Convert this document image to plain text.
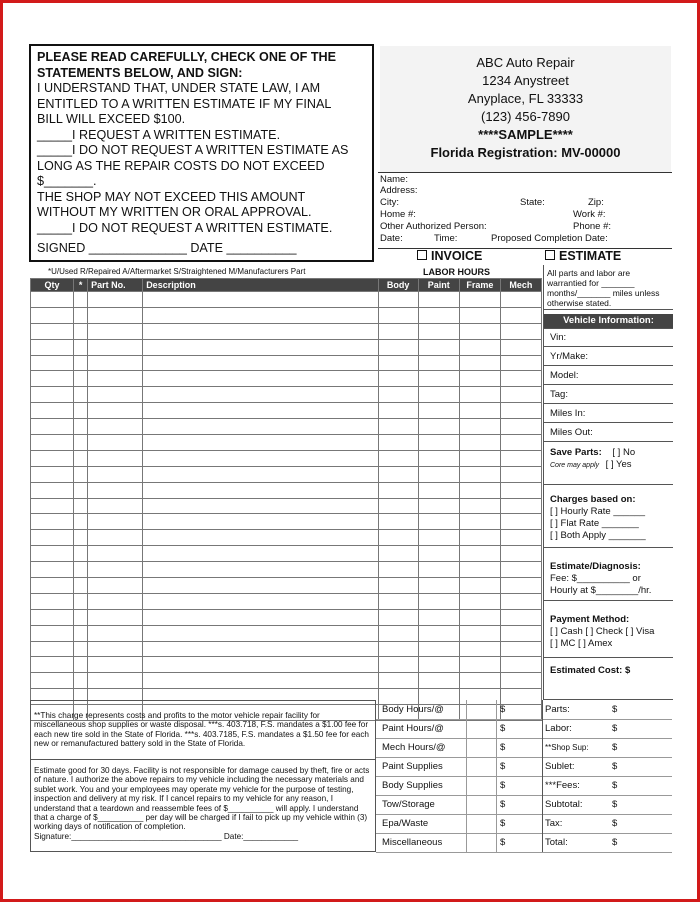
PLEASE READ CAREFULLY, CHECK ONE OF THE
STATEMENTS BELOW, AND SIGN:
I UNDERSTAND THAT, UNDER STATE LAW, I AM
ENTITLED TO A WRITTEN ESTIMATE IF MY FINAL
BILL WILL EXCEED $100.
_____I REQUEST A WRITTEN ESTIMATE.
_____I DO NOT REQUEST A WRITTEN ESTIMATE AS
LONG AS THE REPAIR COSTS DO NOT EXCEED
$_______.
THE SHOP MAY NOT EXCEED THIS AMOUNT
WITHOUT MY WRITTEN OR ORAL APPROVAL.
_____I DO NOT REQUEST A WRITTEN ESTIMATE.
SIGNED ______________ DATE __________
ABC Auto Repair
1234 Anystreet
Anyplace, FL 33333
(123) 456-7890
****SAMPLE****
Florida Registration: MV-00000
Name:
Address:
City:	State:	Zip:
Home #:	Work #:
Other Authorized Person:	Phone #:
Date:	Time:	Proposed Completion Date:
INVOICE	ESTIMATE
*U/Used R/Repaired A/Aftermarket S/Straightened M/Manufacturers Part	LABOR HOURS
Qty	*	Part No.	Description	Body	Paint	Frame	Mech

All parts and labor are
warrantied for _______
months/_______ miles unless
otherwise stated.
Vehicle Information:
Vin:
Yr/Make:
Model:
Tag:
Miles In:
Miles Out:
Save Parts: [ ] No
Core may apply [ ] Yes
Charges based on:
[ ] Hourly Rate ______
[ ] Flat Rate _______
[ ] Both Apply _______
Estimate/Diagnosis:
Fee: $__________ or
Hourly at $________/hr.
Payment Method:
[ ] Cash [ ] Check [ ] Visa
[ ] MC [ ] Amex
Estimated Cost: $
**This charge represents costs and profits to the motor vehicle repair facility for miscellaneous shop supplies or waste disposal. ***s. 403.718, F.S. mandates a $1.00 fee for each new tire sold in the State of Florida. ***s. 403.7185, F.S. mandates a $1.50 fee for each new or remanufactured battery sold in the State of Florida.
Estimate good for 30 days. Facility is not responsible for damage caused by theft, fire or acts of nature. I authorize the above repairs to my vehicle including the necessary materials and sublet work. You and your employees may operate my vehicle for the purpose of testing, inspection and delivery at my risk. If I cancel repairs to my vehicle for any reason, I understand that a teardown and reassemble fees of $__________ will apply. I understand that a charge of $__________ per day will be charged if I fail to pick up my vehicle within (3) working days of notification of completion.
Signature:_________________________________ Date:____________
Body Hours/@	$
Paint Hours/@	$
Mech Hours/@	$
Paint Supplies	$
Body Supplies	$
Tow/Storage	$
Epa/Waste	$
Miscellaneous	$
Parts:	$
Labor:	$
**Shop Sup: $
Sublet:	$
***Fees:	$
Subtotal:	$
Tax:	$
Total:	$
